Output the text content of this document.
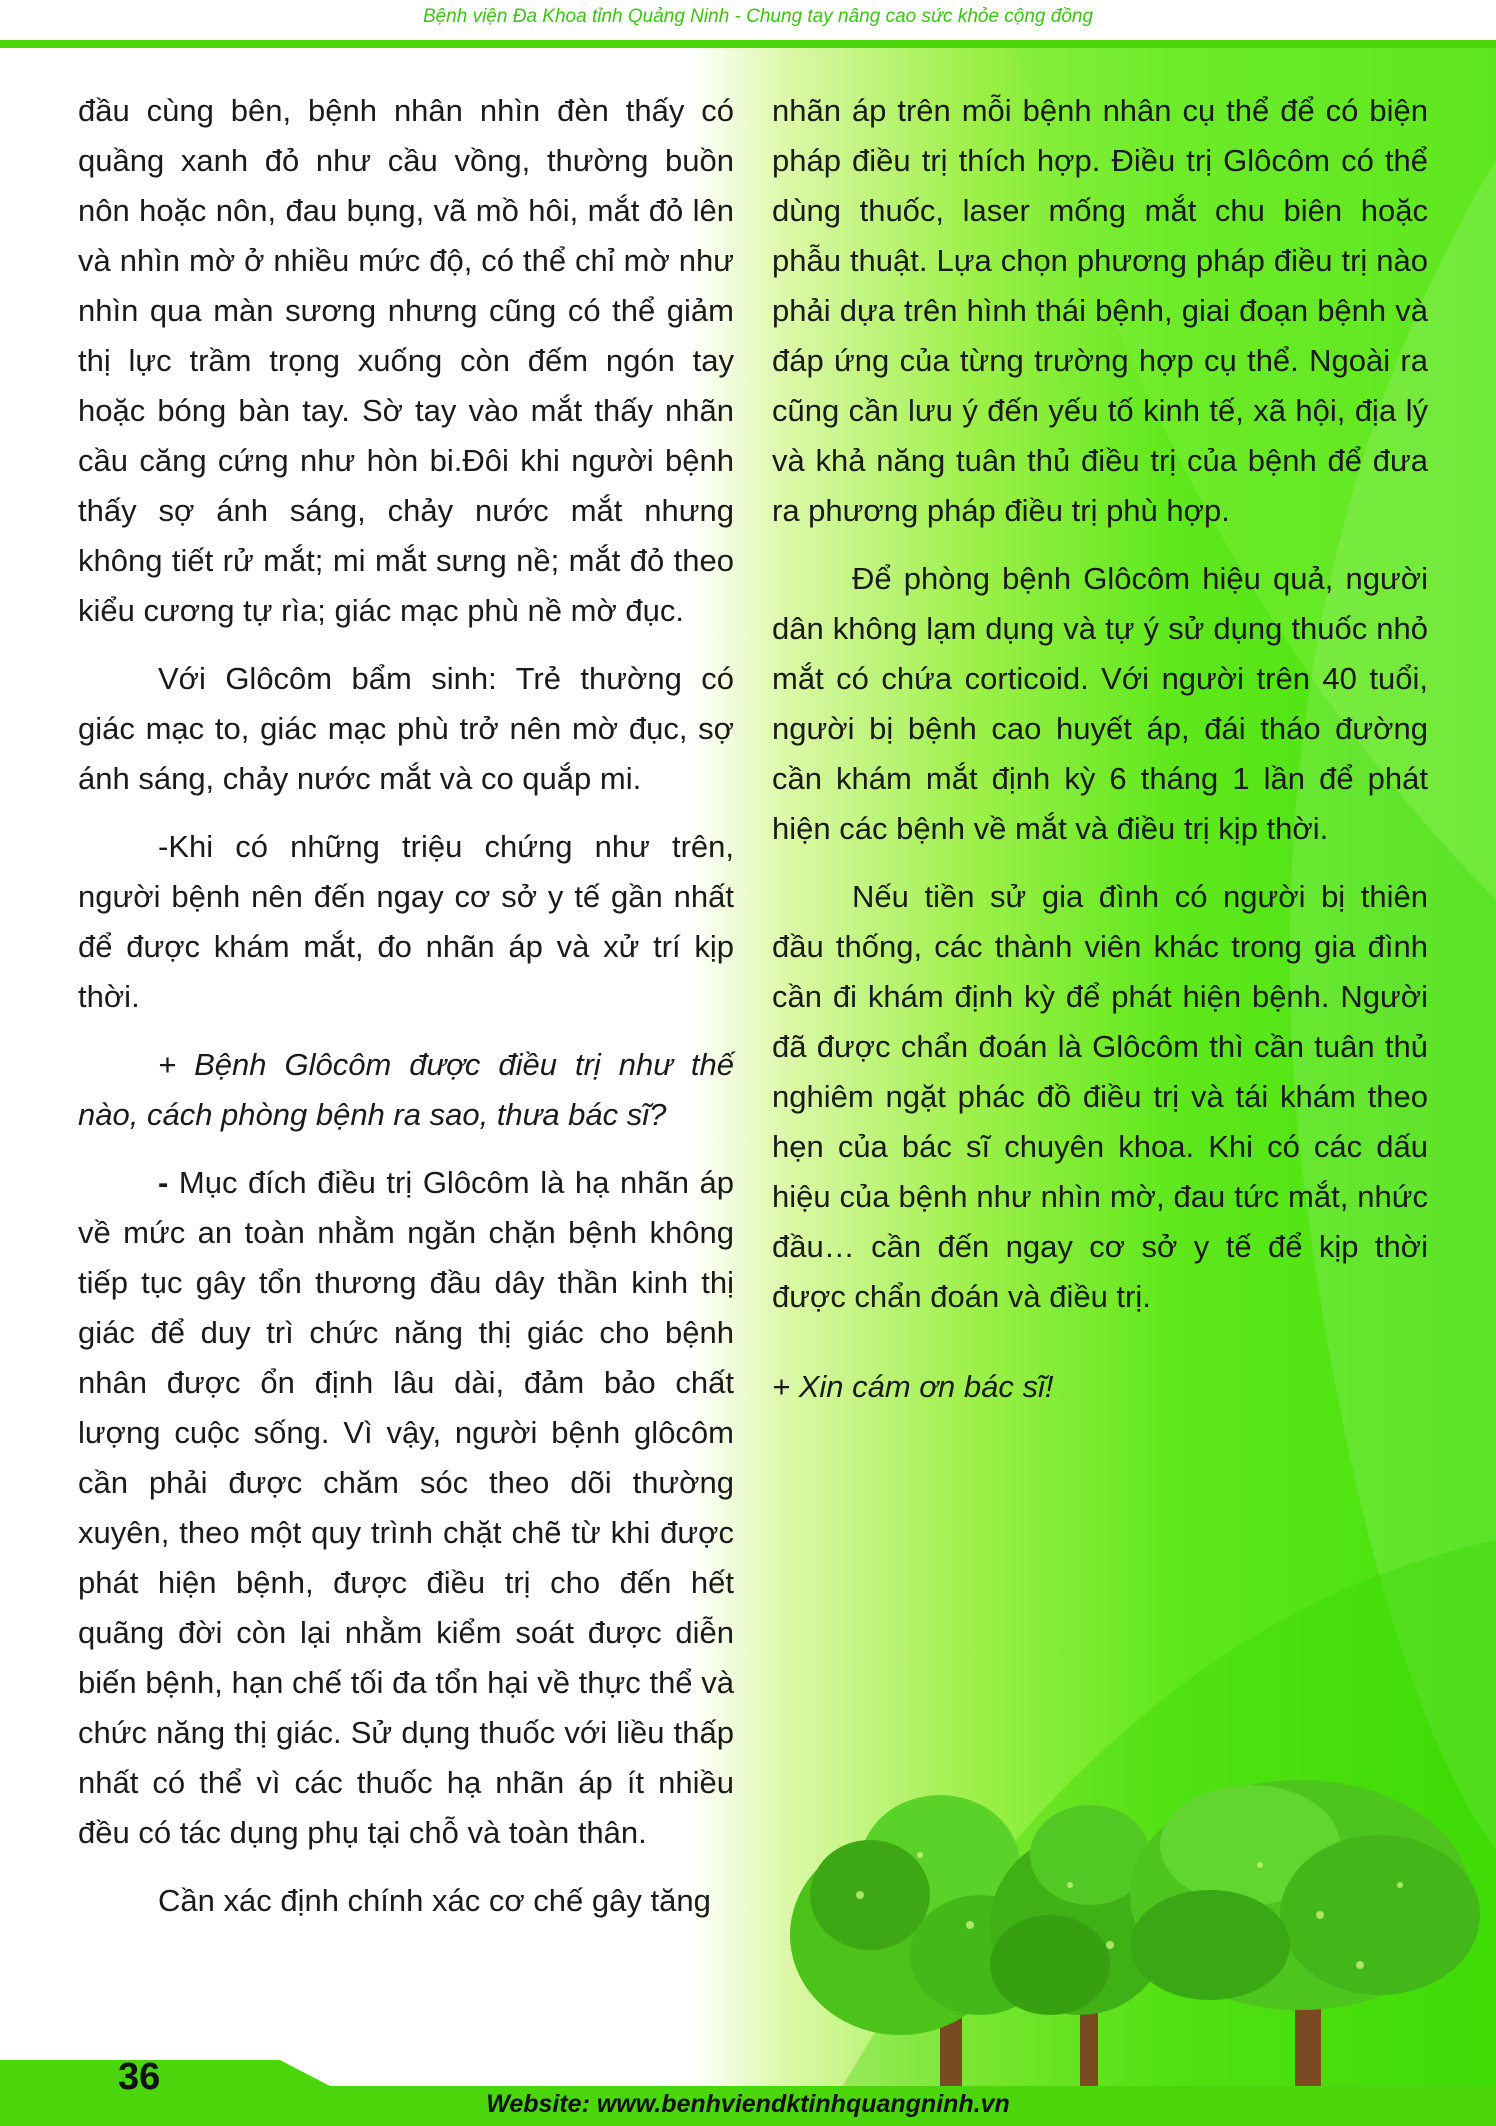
Bệnh viện Đa Khoa tỉnh Quảng Ninh - Chung tay nâng cao sức khỏe cộng đồng

đầu cùng bên, bệnh nhân nhìn đèn thấy có quầng xanh đỏ như cầu vồng, thường buồn nôn hoặc nôn, đau bụng, vã mồ hôi, mắt đỏ lên và nhìn mờ ở nhiều mức độ, có thể chỉ mờ như nhìn qua màn sương nhưng cũng có thể giảm thị lực trầm trọng xuống còn đếm ngón tay hoặc bóng bàn tay. Sờ tay vào mắt thấy nhãn cầu căng cứng như hòn bi.Đôi khi người bệnh thấy sợ ánh sáng, chảy nước mắt nhưng không tiết rử mắt; mi mắt sưng nề; mắt đỏ theo kiểu cương tự rìa; giác mạc phù nề mờ đục.

Với Glôcôm bẩm sinh: Trẻ thường có giác mạc to, giác mạc phù trở nên mờ đục, sợ ánh sáng, chảy nước mắt và co quắp mi.

-Khi có những triệu chứng như trên, người bệnh nên đến ngay cơ sở y tế gần nhất để được khám mắt, đo nhãn áp và xử trí kịp thời.

+ Bệnh Glôcôm được điều trị như thế nào, cách phòng bệnh ra sao, thưa bác sĩ?

- Mục đích điều trị Glôcôm là hạ nhãn áp về mức an toàn nhằm ngăn chặn bệnh không tiếp tục gây tổn thương đầu dây thần kinh thị giác để duy trì chức năng thị giác cho bệnh nhân được ổn định lâu dài, đảm bảo chất lượng cuộc sống. Vì vậy, người bệnh glôcôm cần phải được chăm sóc theo dõi thường xuyên, theo một quy trình chặt chẽ từ khi được phát hiện bệnh, được điều trị cho đến hết quãng đời còn lại nhằm kiểm soát được diễn biến bệnh, hạn chế tối đa tổn hại về thực thể và chức năng thị giác. Sử dụng thuốc với liều thấp nhất có thể vì các thuốc hạ nhãn áp ít nhiều đều có tác dụng phụ tại chỗ và toàn thân.

Cần xác định chính xác cơ chế gây tăng

nhãn áp trên mỗi bệnh nhân cụ thể để có biện pháp điều trị thích hợp. Điều trị Glôcôm có thể dùng thuốc, laser mống mắt chu biên hoặc phẫu thuật. Lựa chọn phương pháp điều trị nào phải dựa trên hình thái bệnh, giai đoạn bệnh và đáp ứng của từng trường hợp cụ thể. Ngoài ra cũng cần lưu ý đến yếu tố kinh tế, xã hội, địa lý và khả năng tuân thủ điều trị của bệnh để đưa ra phương pháp điều trị phù hợp.

Để phòng bệnh Glôcôm hiệu quả, người dân không lạm dụng và tự ý sử dụng thuốc nhỏ mắt có chứa corticoid. Với người trên 40 tuổi, người bị bệnh cao huyết áp, đái tháo đường cần khám mắt định kỳ 6 tháng 1 lần để phát hiện các bệnh về mắt và điều trị kịp thời.

Nếu tiền sử gia đình có người bị thiên đầu thống, các thành viên khác trong gia đình cần đi khám định kỳ để phát hiện bệnh. Người đã được chẩn đoán là Glôcôm thì cần tuân thủ nghiêm ngặt phác đồ điều trị và tái khám theo hẹn của bác sĩ chuyên khoa. Khi có các dấu hiệu của bệnh như nhìn mờ, đau tức mắt, nhức đầu… cần đến ngay cơ sở y tế để kịp thời được chẩn đoán và điều trị.

+ Xin cám ơn bác sĩ!

36
Website: www.benhviendktinhquangninh.vn
